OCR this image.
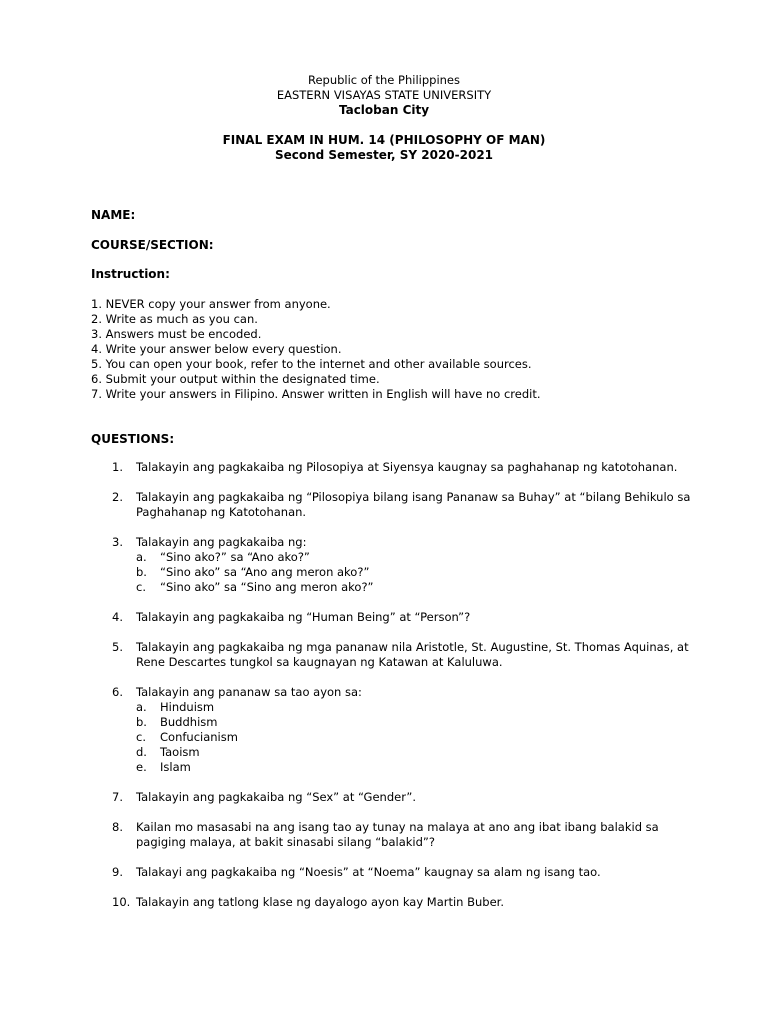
Republic of the Philippines
EASTERN VISAYAS STATE UNIVERSITY
Tacloban City
FINAL EXAM IN HUM. 14 (PHILOSOPHY OF MAN)
Second Semester, SY 2020-2021
NAME:
COURSE/SECTION:
Instruction:
1. NEVER copy your answer from anyone.
2. Write as much as you can.
3. Answers must be encoded.
4. Write your answer below every question.
5. You can open your book, refer to the internet and other available sources.
6. Submit your output within the designated time.
7. Write your answers in Filipino. Answer written in English will have no credit.
QUESTIONS:
1. Talakayin ang pagkakaiba ng Pilosopiya at Siyensya kaugnay sa paghahanap ng katotohanan.
2. Talakayin ang pagkakaiba ng “Pilosopiya bilang isang Pananaw sa Buhay” at “bilang Behikulo sa Paghahanap ng Katotohanan.
3. Talakayin ang pagkakaiba ng:
a. “Sino ako?” sa “Ano ako?”
b. “Sino ako” sa “Ano ang meron ako?”
c. “Sino ako” sa “Sino ang meron ako?”
4. Talakayin ang pagkakaiba ng “Human Being” at “Person”?
5. Talakayin ang pagkakaiba ng mga pananaw nila Aristotle, St. Augustine, St. Thomas Aquinas, at Rene Descartes tungkol sa kaugnayan ng Katawan at Kaluluwa.
6. Talakayin ang pananaw sa tao ayon sa:
a. Hinduism
b. Buddhism
c. Confucianism
d. Taoism
e. Islam
7. Talakayin ang pagkakaiba ng “Sex” at “Gender”.
8. Kailan mo masasabi na ang isang tao ay tunay na malaya at ano ang ibat ibang balakid sa pagiging malaya, at bakit sinasabi silang “balakid”?
9. Talakayi ang pagkakaiba ng “Noesis” at “Noema” kaugnay sa alam ng isang tao.
10. Talakayin ang tatlong klase ng dayalogo ayon kay Martin Buber.
